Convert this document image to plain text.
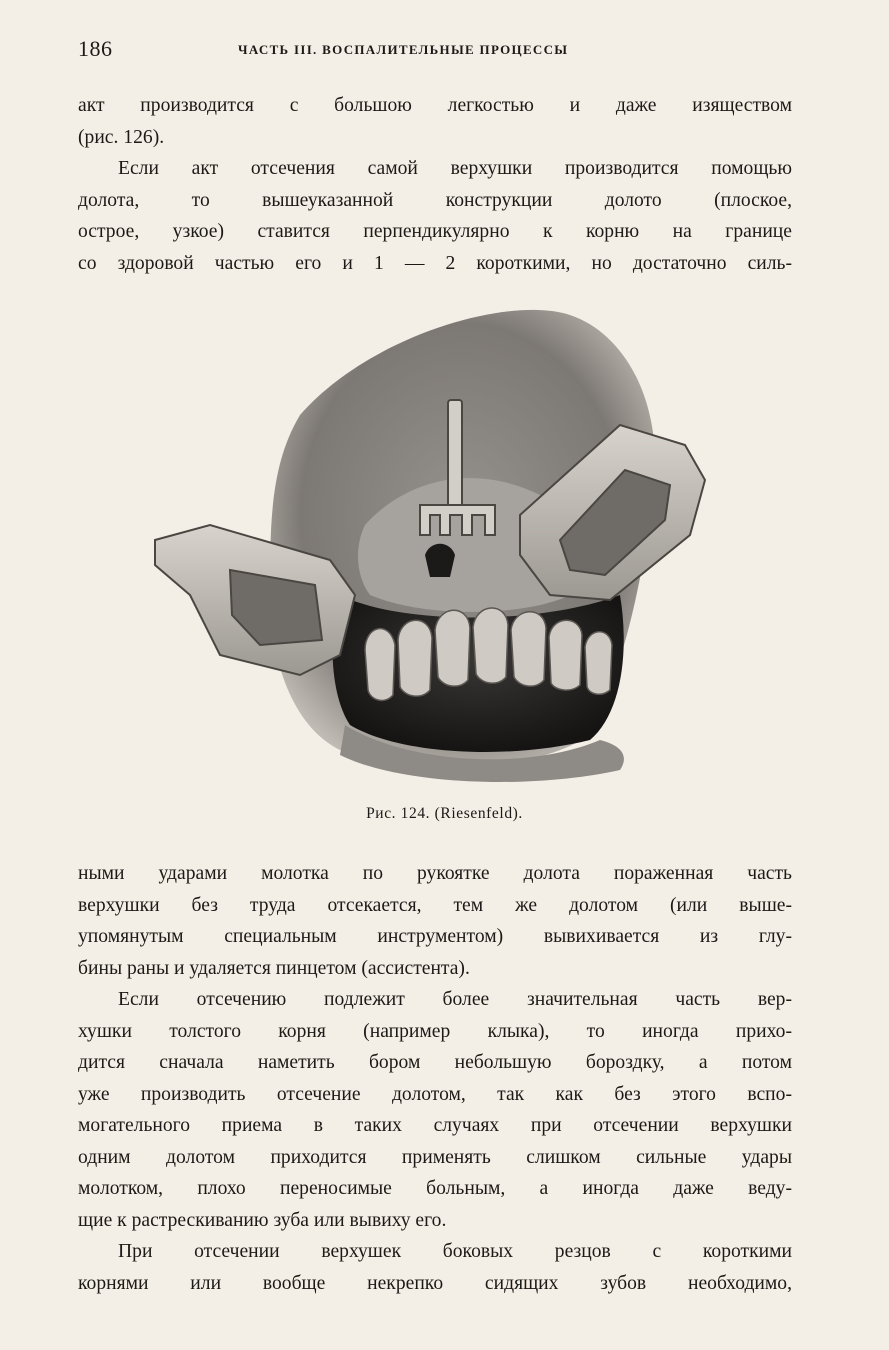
186	ЧАСТЬ III. ВОСПАЛИТЕЛЬНЫЕ ПРОЦЕССЫ
акт производится с большою легкостью и даже изяществом
(рис. 126).
Если акт отсечения самой верхушки производится помощью
долота, то вышеуказанной конструкции долото (плоское,
острое, узкое) ставится перпендикулярно к корню на границе
со здоровой частью его и 1 — 2 короткими, но достаточно силь-
Рис. 124. (Riesenfeld).
ными ударами молотка по рукоятке долота пораженная часть
верхушки без труда отсекается, тем же долотом (или выше-
упомянутым специальным инструментом) вывихивается из глу-
бины раны и удаляется пинцетом (ассистента).
Если отсечению подлежит более значительная часть вер-
хушки толстого корня (например клыка), то иногда прихо-
дится сначала наметить бором небольшую бороздку, а потом
уже производить отсечение долотом, так как без этого вспо-
могательного приема в таких случаях при отсечении верхушки
одним долотом приходится применять слишком сильные удары
молотком, плохо переносимые больным, а иногда даже веду-
щие к растрескиванию зуба или вывиху его.
При отсечении верхушек боковых резцов с короткими
корнями или вообще некрепко сидящих зубов необходимо,
